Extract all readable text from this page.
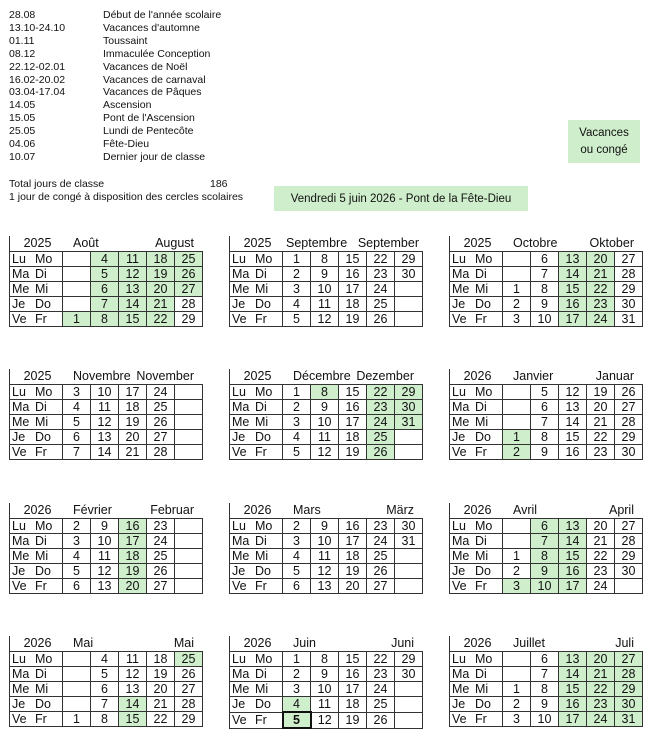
28.08	Début de l'année scolaire
13.10-24.10	Vacances d'automne
01.11	Toussaint
08.12	Immaculée Conception
22.12-02.01	Vacances de Noël
16.02-20.02	Vacances de carnaval
03.04-17.04	Vacances de Pâques
14.05	Ascension
15.05	Pont de l'Ascension
25.05	Lundi de Pentecôte
04.06	Fête-Dieu
10.07	Dernier jour de classe
Vacances
ou congé
Total jours de classe	186
1 jour de congé à disposition des cercles scolaires	Vendredi 5 juin 2026 - Pont de la Fête-Dieu
2025	Août	August
Lu Mo		4	11	18	25
Ma Di		5	12	19	26
Me Mi		6	13	20	27
Je Do		7	14	21	28
Ve Fr	1	8	15	22	29
2025	Septembre September
Lu Mo	1	8	15	22	29
Ma Di	2	9	16	23	30
Me Mi	3	10	17	24	
Je Do	4	11	18	25	
Ve Fr	5	12	19	26	
2025	Octobre	Oktober
Lu Mo		6	13	20	27
Ma Di		7	14	21	28
Me Mi	1	8	15	22	29
Je Do	2	9	16	23	30
Ve Fr	3	10	17	24	31
2025	Novembre November
Lu Mo	3	10	17	24	
Ma Di	4	11	18	25	
Me Mi	5	12	19	26	
Je Do	6	13	20	27	
Ve Fr	7	14	21	28	
2025	Décembre Dezember
Lu Mo	1	8	15	22	29
Ma Di	2	9	16	23	30
Me Mi	3	10	17	24	31
Je Do	4	11	18	25	
Ve Fr	5	12	19	26	
2026	Janvier	Januar
Lu Mo		5	12	19	26
Ma Di		6	13	20	27
Me Mi		7	14	21	28
Je Do	1	8	15	22	29
Ve Fr	2	9	16	23	30
2026	Février	Februar
Lu Mo	2	9	16	23	
Ma Di	3	10	17	24	
Me Mi	4	11	18	25	
Je Do	5	12	19	26	
Ve Fr	6	13	20	27	
2026	Mars	März
Lu Mo	2	9	16	23	30
Ma Di	3	10	17	24	31
Me Mi	4	11	18	25	
Je Do	5	12	19	26	
Ve Fr	6	13	20	27	
2026	Avril	April
Lu Mo		6	13	20	27
Ma Di		7	14	21	28
Me Mi	1	8	15	22	29
Je Do	2	9	16	23	30
Ve Fr	3	10	17	24	
2026	Mai	Mai
Lu Mo		4	11	18	25
Ma Di		5	12	19	26
Me Mi		6	13	20	27
Je Do		7	14	21	28
Ve Fr	1	8	15	22	29
2026	Juin	Juni
Lu Mo	1	8	15	22	29
Ma Di	2	9	16	23	30
Me Mi	3	10	17	24	
Je Do	4	11	18	25	
Ve Fr	5	12	19	26	
2026	Juillet	Juli
Lu Mo		6	13	20	27
Ma Di		7	14	21	28
Me Mi	1	8	15	22	29
Je Do	2	9	16	23	30
Ve Fr	3	10	17	24	31
